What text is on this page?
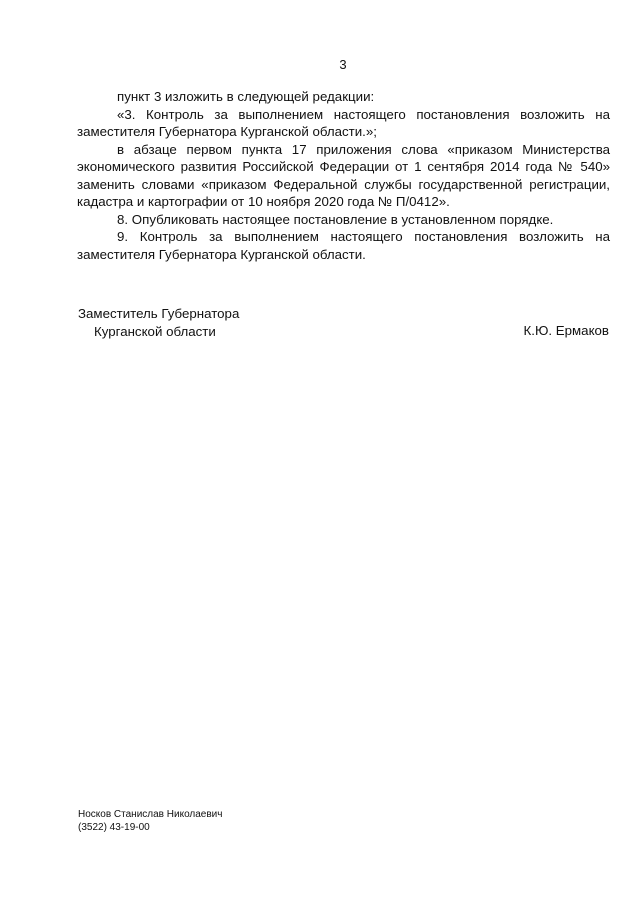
3

пункт 3 изложить в следующей редакции:

«3. Контроль за выполнением настоящего постановления возложить на заместителя Губернатора Курганской области.»;

в абзаце первом пункта 17 приложения слова «приказом Министерства экономического развития Российской Федерации от 1 сентября 2014 года № 540» заменить словами «приказом Федеральной службы государственной регистрации, кадастра и картографии от 10 ноября 2020 года № П/0412».

8. Опубликовать настоящее постановление в установленном порядке.

9. Контроль за выполнением настоящего постановления возложить на заместителя Губернатора Курганской области.

Заместитель Губернатора
Курганской области	К.Ю. Ермаков
Носков Станислав Николаевич
(3522) 43-19-00
